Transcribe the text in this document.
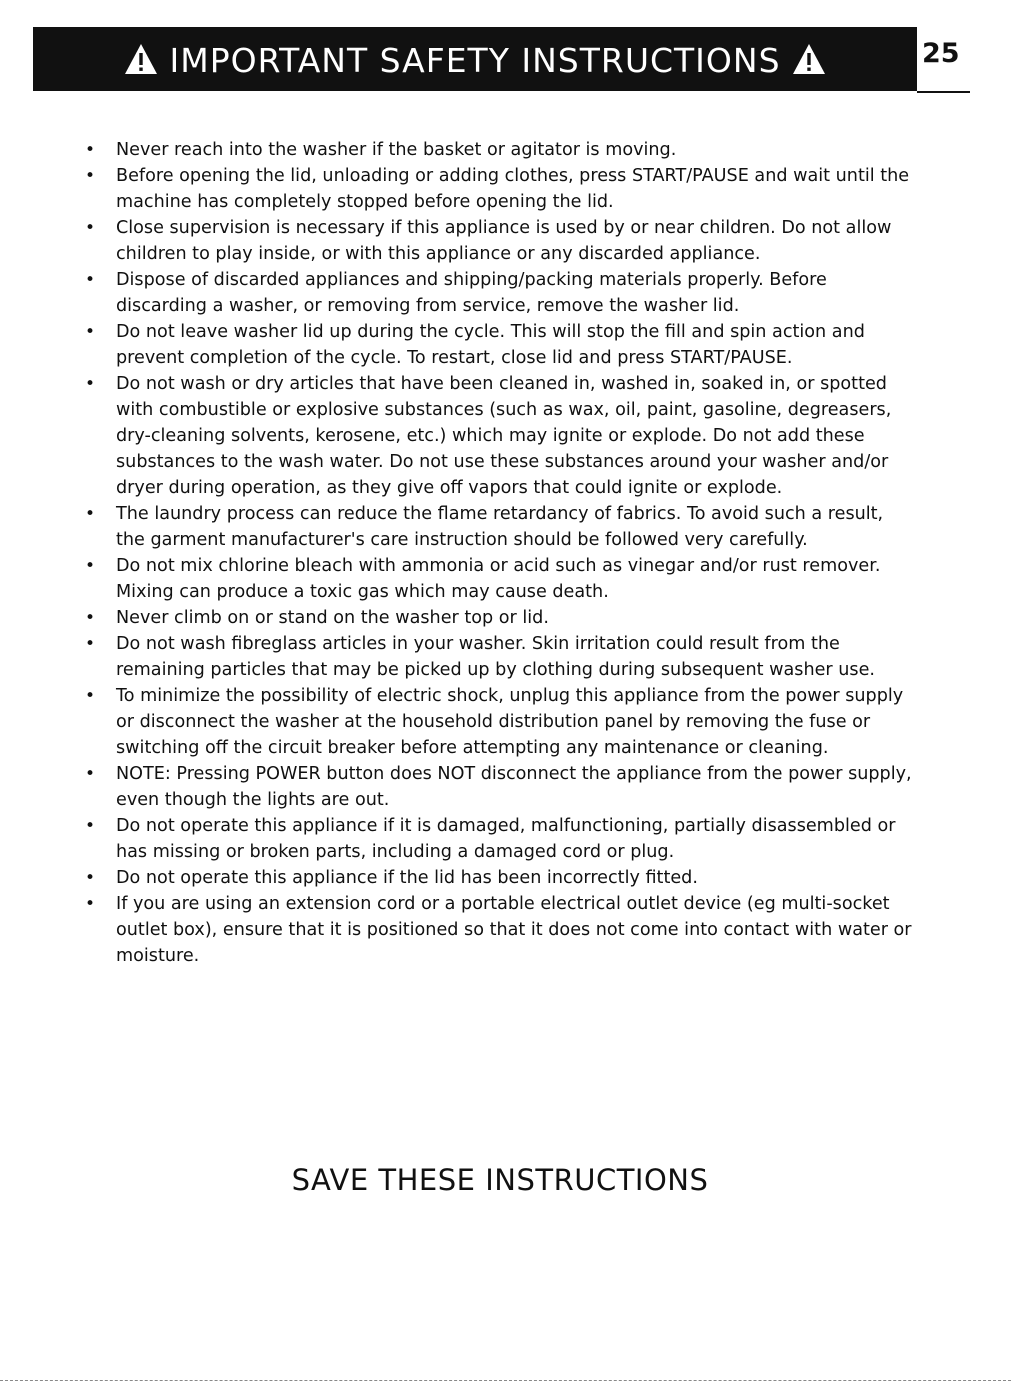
IMPORTANT SAFETY INSTRUCTIONS	25
• Never reach into the washer if the basket or agitator is moving.
• Before opening the lid, unloading or adding clothes, press START/PAUSE and wait until the machine has completely stopped before opening the lid.
• Close supervision is necessary if this appliance is used by or near children. Do not allow children to play inside, or with this appliance or any discarded appliance.
• Dispose of discarded appliances and shipping/packing materials properly. Before discarding a washer, or removing from service, remove the washer lid.
• Do not leave washer lid up during the cycle. This will stop the fill and spin action and prevent completion of the cycle. To restart, close lid and press START/PAUSE.
• Do not wash or dry articles that have been cleaned in, washed in, soaked in, or spotted with combustible or explosive substances (such as wax, oil, paint, gasoline, degreasers, dry-cleaning solvents, kerosene, etc.) which may ignite or explode. Do not add these substances to the wash water. Do not use these substances around your washer and/or dryer during operation, as they give off vapors that could ignite or explode.
• The laundry process can reduce the flame retardancy of fabrics. To avoid such a result, the garment manufacturer's care instruction should be followed very carefully.
• Do not mix chlorine bleach with ammonia or acid such as vinegar and/or rust remover. Mixing can produce a toxic gas which may cause death.
• Never climb on or stand on the washer top or lid.
• Do not wash fibreglass articles in your washer. Skin irritation could result from the remaining particles that may be picked up by clothing during subsequent washer use.
• To minimize the possibility of electric shock, unplug this appliance from the power supply or disconnect the washer at the household distribution panel by removing the fuse or switching off the circuit breaker before attempting any maintenance or cleaning.
• NOTE: Pressing POWER button does NOT disconnect the appliance from the power supply, even though the lights are out.
• Do not operate this appliance if it is damaged, malfunctioning, partially disassembled or has missing or broken parts, including a damaged cord or plug.
• Do not operate this appliance if the lid has been incorrectly fitted.
• If you are using an extension cord or a portable electrical outlet device (eg multi-socket outlet box), ensure that it is positioned so that it does not come into contact with water or moisture.
SAVE THESE INSTRUCTIONS
